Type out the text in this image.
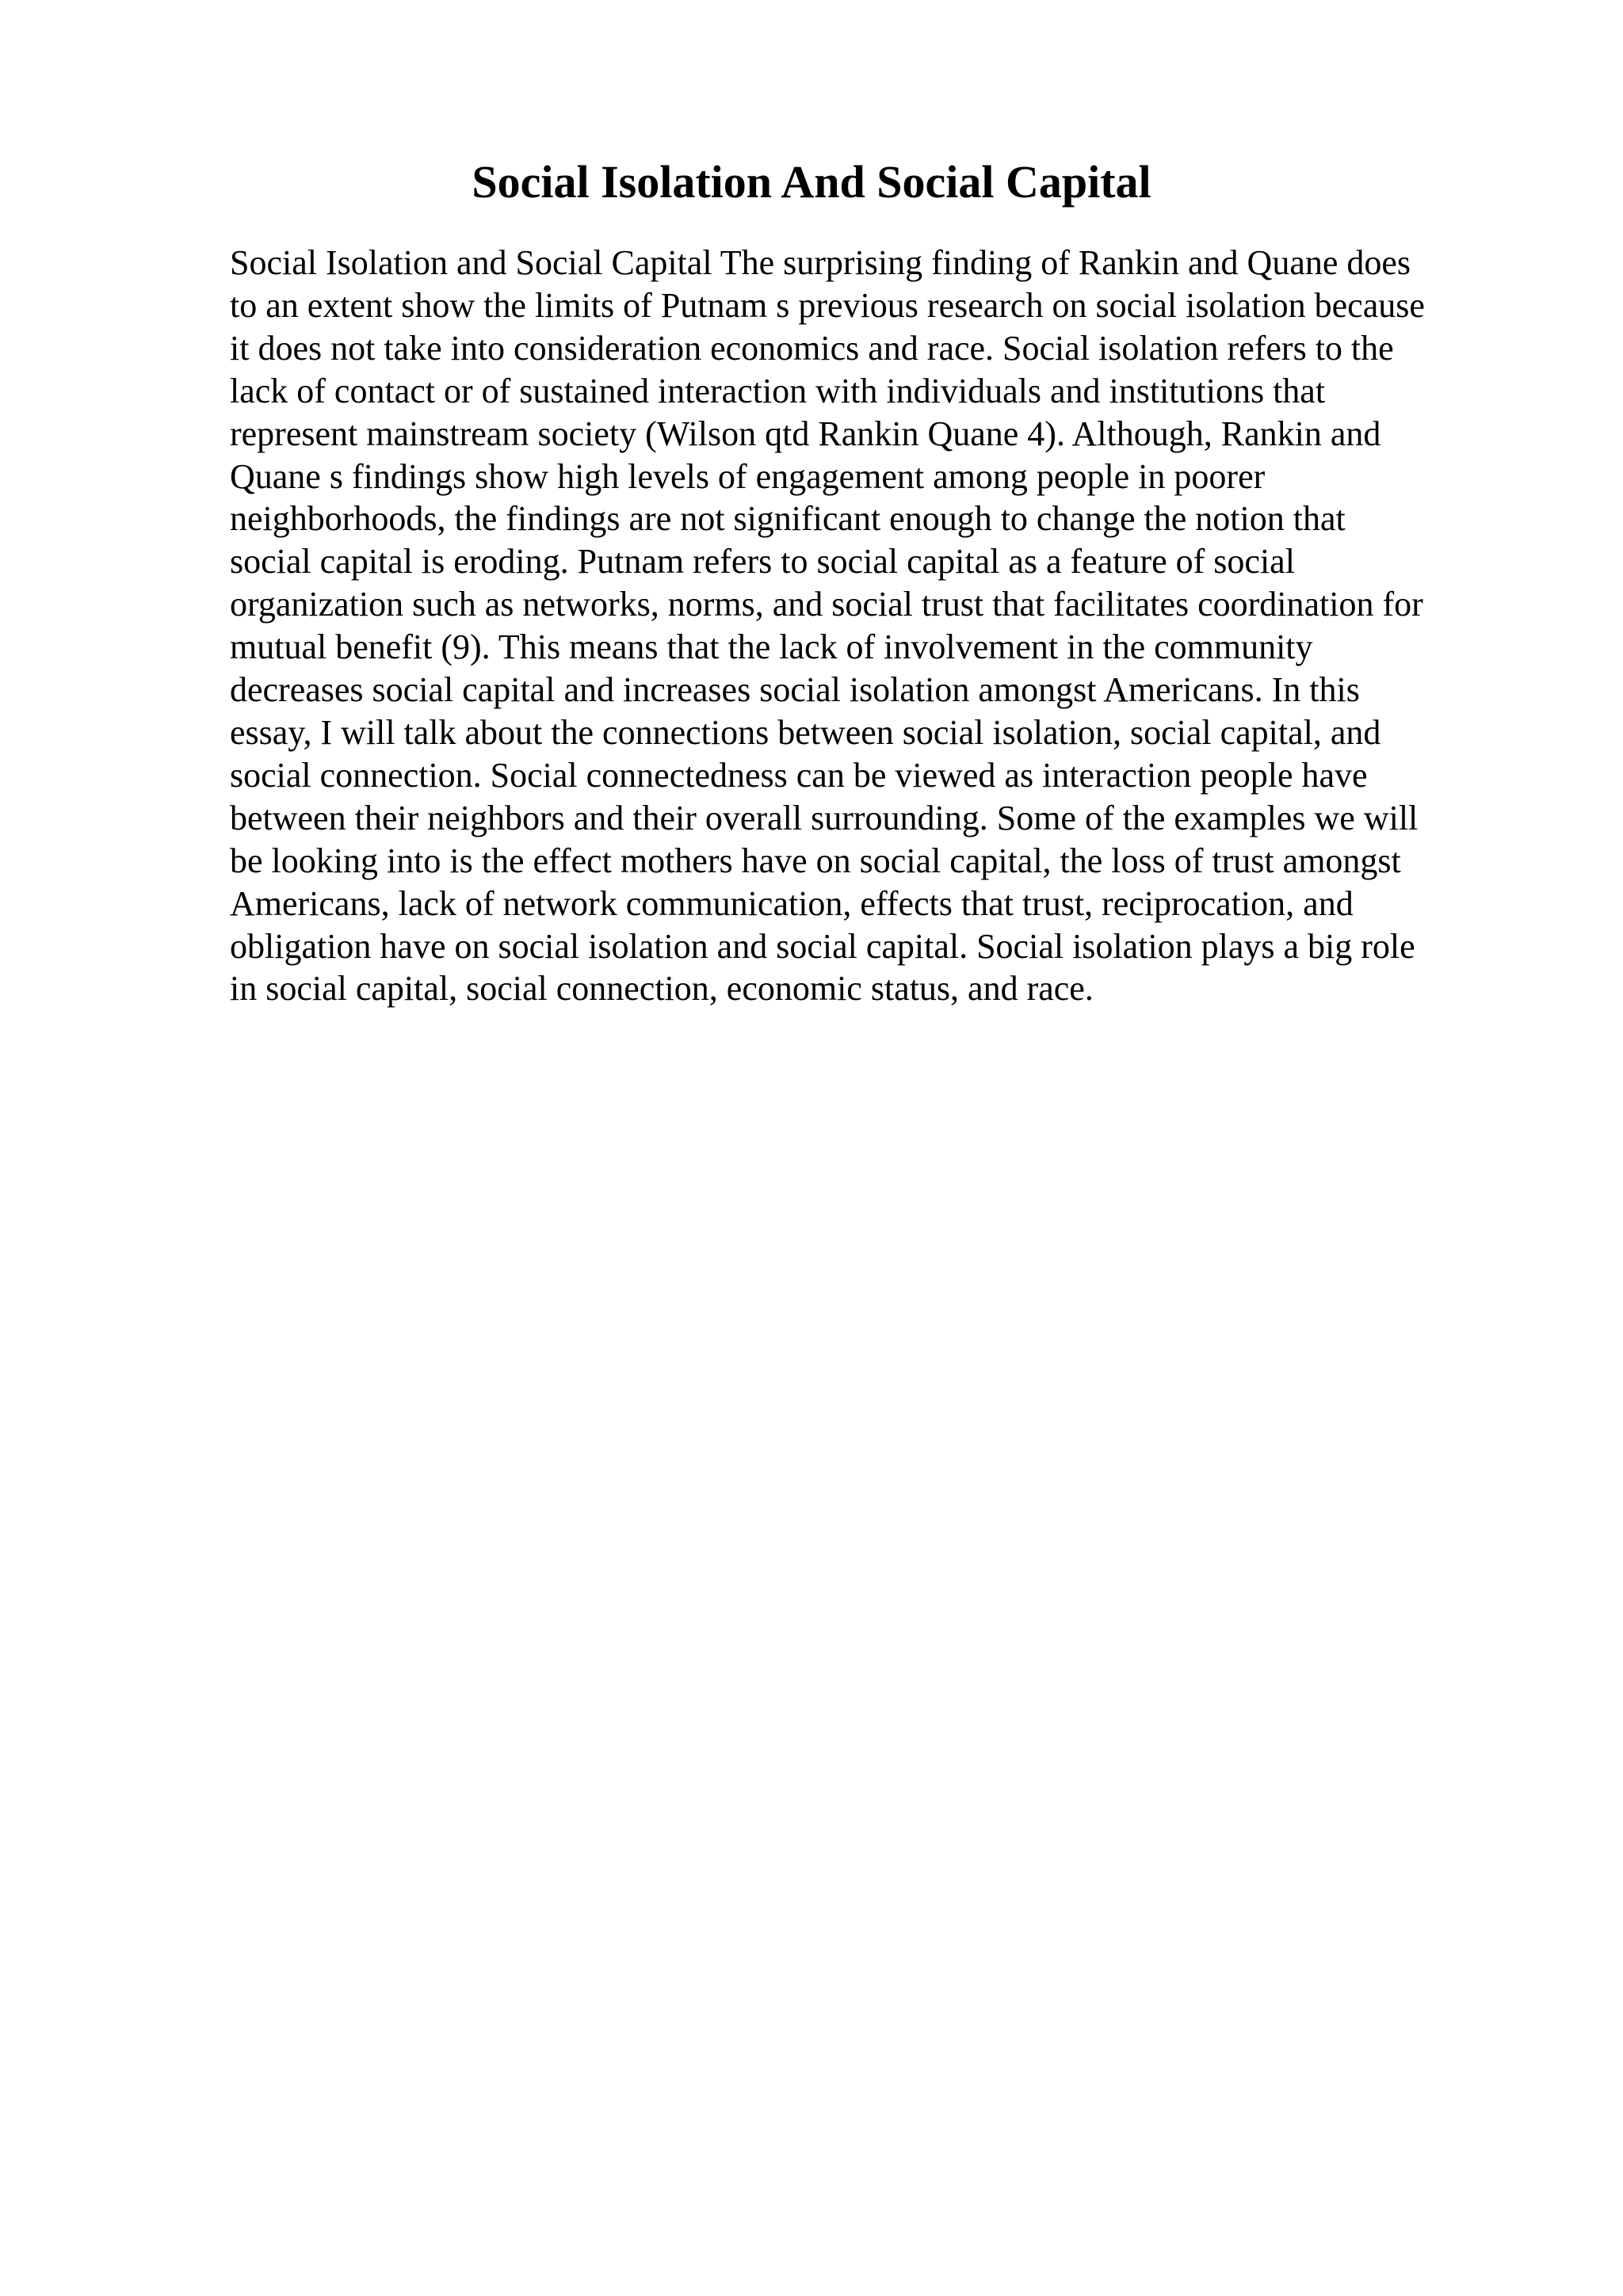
Social Isolation And Social Capital
Social Isolation and Social Capital The surprising finding of Rankin and Quane does
to an extent show the limits of Putnam s previous research on social isolation because
it does not take into consideration economics and race. Social isolation refers to the
lack of contact or of sustained interaction with individuals and institutions that
represent mainstream society (Wilson qtd Rankin Quane 4). Although, Rankin and
Quane s findings show high levels of engagement among people in poorer
neighborhoods, the findings are not significant enough to change the notion that
social capital is eroding. Putnam refers to social capital as a feature of social
organization such as networks, norms, and social trust that facilitates coordination for
mutual benefit (9). This means that the lack of involvement in the community
decreases social capital and increases social isolation amongst Americans. In this
essay, I will talk about the connections between social isolation, social capital, and
social connection. Social connectedness can be viewed as interaction people have
between their neighbors and their overall surrounding. Some of the examples we will
be looking into is the effect mothers have on social capital, the loss of trust amongst
Americans, lack of network communication, effects that trust, reciprocation, and
obligation have on social isolation and social capital. Social isolation plays a big role
in social capital, social connection, economic status, and race.
